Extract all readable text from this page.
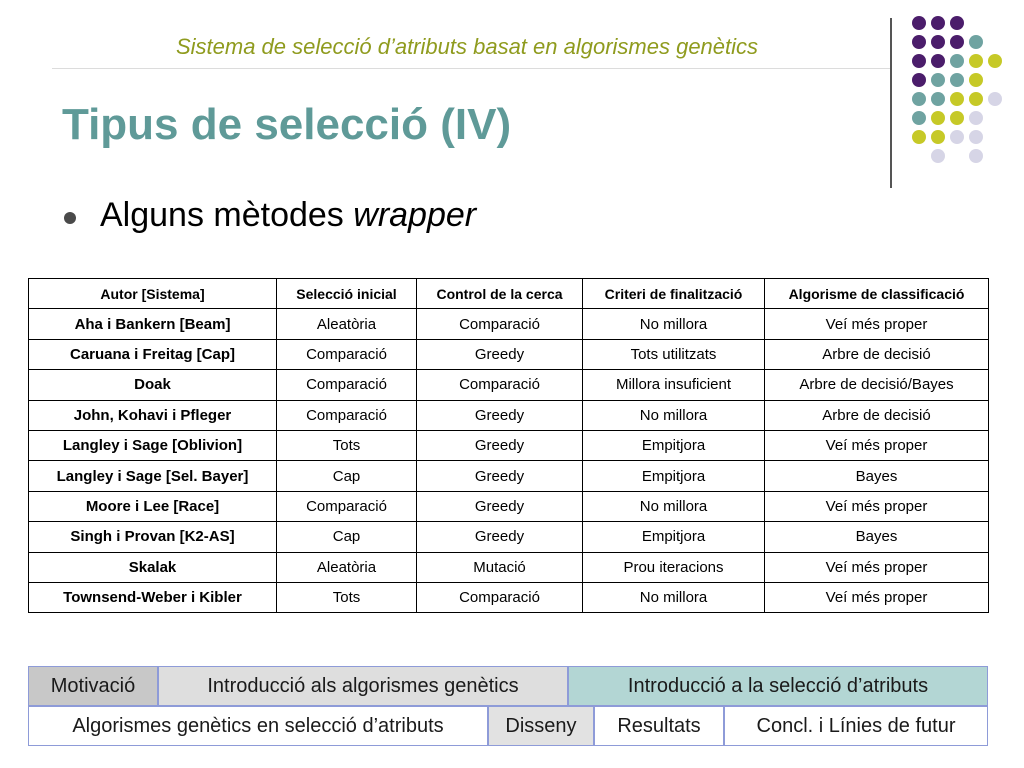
Sistema de selecció d’atributs basat en algorismes genètics
Tipus de selecció (IV)
Alguns mètodes wrapper
Autor [Sistema]	Selecció inicial	Control de la cerca	Criteri de finalització	Algorisme de classificació
Aha i Bankern [Beam]	Aleatòria	Comparació	No millora	Veí més proper
Caruana i Freitag [Cap]	Comparació	Greedy	Tots utilitzats	Arbre de decisió
Doak	Comparació	Comparació	Millora insuficient	Arbre de decisió/Bayes
John, Kohavi i Pfleger	Comparació	Greedy	No millora	Arbre de decisió
Langley i Sage [Oblivion]	Tots	Greedy	Empitjora	Veí més proper
Langley i Sage [Sel. Bayer]	Cap	Greedy	Empitjora	Bayes
Moore i Lee [Race]	Comparació	Greedy	No millora	Veí més proper
Singh i Provan [K2-AS]	Cap	Greedy	Empitjora	Bayes
Skalak	Aleatòria	Mutació	Prou iteracions	Veí més proper
Townsend-Weber i Kibler	Tots	Comparació	No millora	Veí més proper
Motivació	Introducció als algorismes genètics	Introducció a la selecció d’atributs
Algorismes genètics en selecció d’atributs	Disseny	Resultats	Concl. i Línies de futur
